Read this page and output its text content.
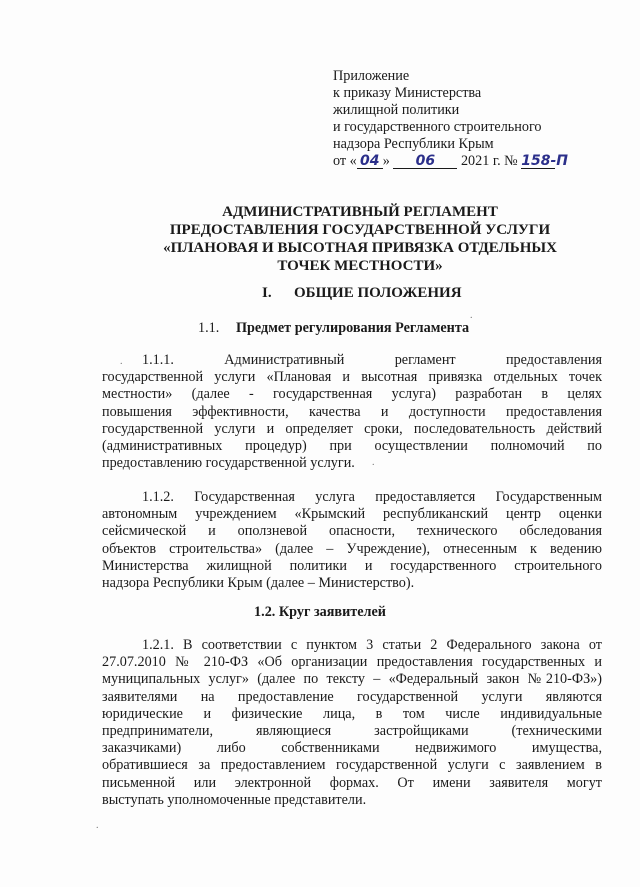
Приложение
к приказу Министерства
жилищной политики
и государственного строительного
надзора Республики Крым
от « 04 » 06 2021 г. № 158-П
АДМИНИСТРАТИВНЫЙ РЕГЛАМЕНТ
ПРЕДОСТАВЛЕНИЯ ГОСУДАРСТВЕННОЙ УСЛУГИ
«ПЛАНОВАЯ И ВЫСОТНАЯ ПРИВЯЗКА ОТДЕЛЬНЫХ
ТОЧЕК МЕСТНОСТИ»
I. ОБЩИЕ ПОЛОЖЕНИЯ
1.1. Предмет регулирования Регламента
1.1.1. Административный регламент предоставления
государственной услуги «Плановая и высотная привязка отдельных точек
местности» (далее - государственная услуга) разработан в целях
повышения эффективности, качества и доступности предоставления
государственной услуги и определяет сроки, последовательность действий
(административных процедур) при осуществлении полномочий по
предоставлению государственной услуги.
1.1.2. Государственная услуга предоставляется Государственным
автономным учреждением «Крымский республиканский центр оценки
сейсмической и оползневой опасности, технического обследования
объектов строительства» (далее – Учреждение), отнесенным к ведению
Министерства жилищной политики и государственного строительного
надзора Республики Крым (далее – Министерство).
1.2. Круг заявителей
1.2.1. В соответствии с пунктом 3 статьи 2 Федерального закона от
27.07.2010 № 210-ФЗ «Об организации предоставления государственных и
муниципальных услуг» (далее по тексту – «Федеральный закон №210-ФЗ»)
заявителями на предоставление государственной услуги являются
юридические и физические лица, в том числе индивидуальные
предприниматели, являющиеся застройщиками (техническими
заказчиками) либо собственниками недвижимого имущества,
обратившиеся за предоставлением государственной услуги с заявлением в
письменной или электронной формах. От имени заявителя могут
выступать уполномоченные представители.
.
.
.
.
